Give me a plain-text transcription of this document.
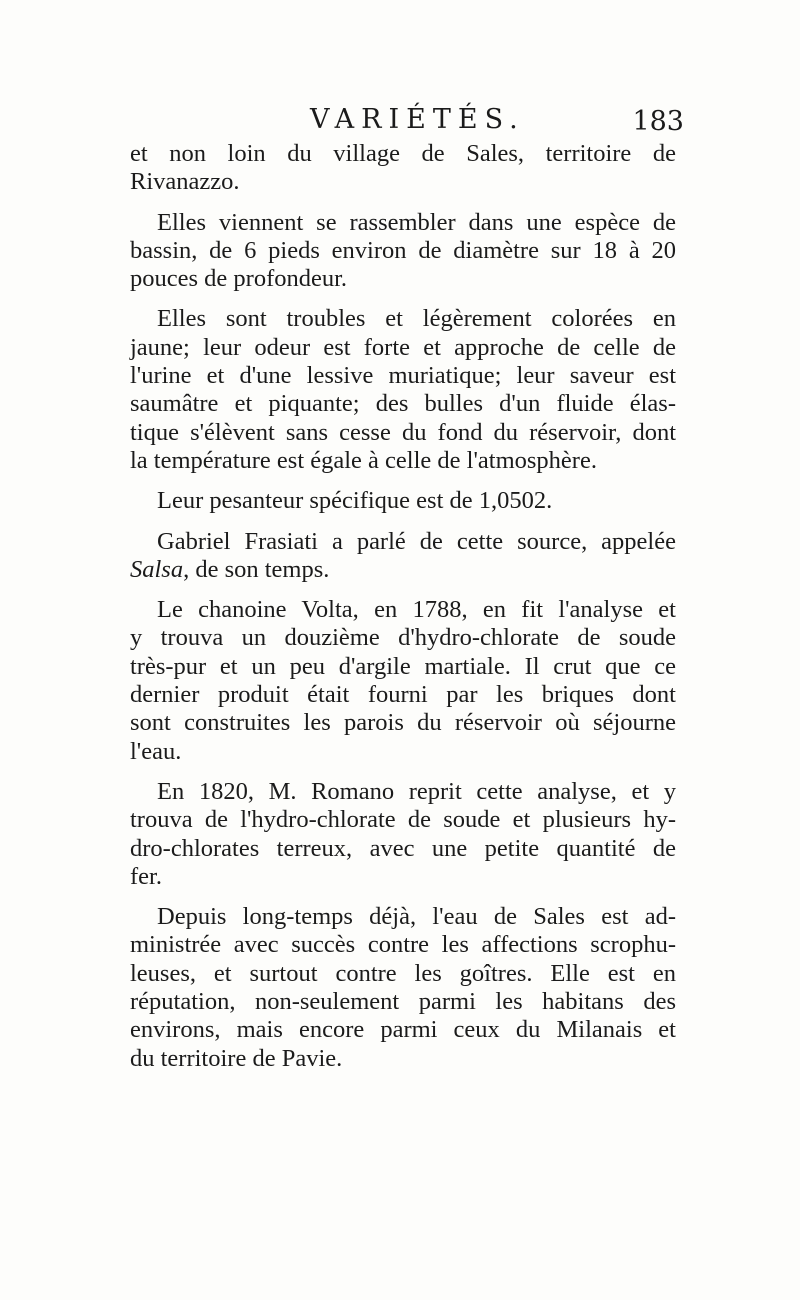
VARIÉTÉS.	183

et non loin du village de Sales, territoire de
Rivanazzo.

Elles viennent se rassembler dans une espèce de
bassin, de 6 pieds environ de diamètre sur 18 à 20
pouces de profondeur.

Elles sont troubles et légèrement colorées en
jaune; leur odeur est forte et approche de celle de
l'urine et d'une lessive muriatique; leur saveur est
saumâtre et piquante; des bulles d'un fluide élas-
tique s'élèvent sans cesse du fond du réservoir, dont
la température est égale à celle de l'atmosphère.

Leur pesanteur spécifique est de 1,0502.

Gabriel Frasiati a parlé de cette source, appelée
Salsa, de son temps.

Le chanoine Volta, en 1788, en fit l'analyse et
y trouva un douzième d'hydro-chlorate de soude
très-pur et un peu d'argile martiale. Il crut que ce
dernier produit était fourni par les briques dont
sont construites les parois du réservoir où séjourne
l'eau.

En 1820, M. Romano reprit cette analyse, et y
trouva de l'hydro-chlorate de soude et plusieurs hy-
dro-chlorates terreux, avec une petite quantité de
fer.

Depuis long-temps déjà, l'eau de Sales est ad-
ministrée avec succès contre les affections scrophu-
leuses, et surtout contre les goîtres. Elle est en
réputation, non-seulement parmi les habitans des
environs, mais encore parmi ceux du Milanais et
du territoire de Pavie.
